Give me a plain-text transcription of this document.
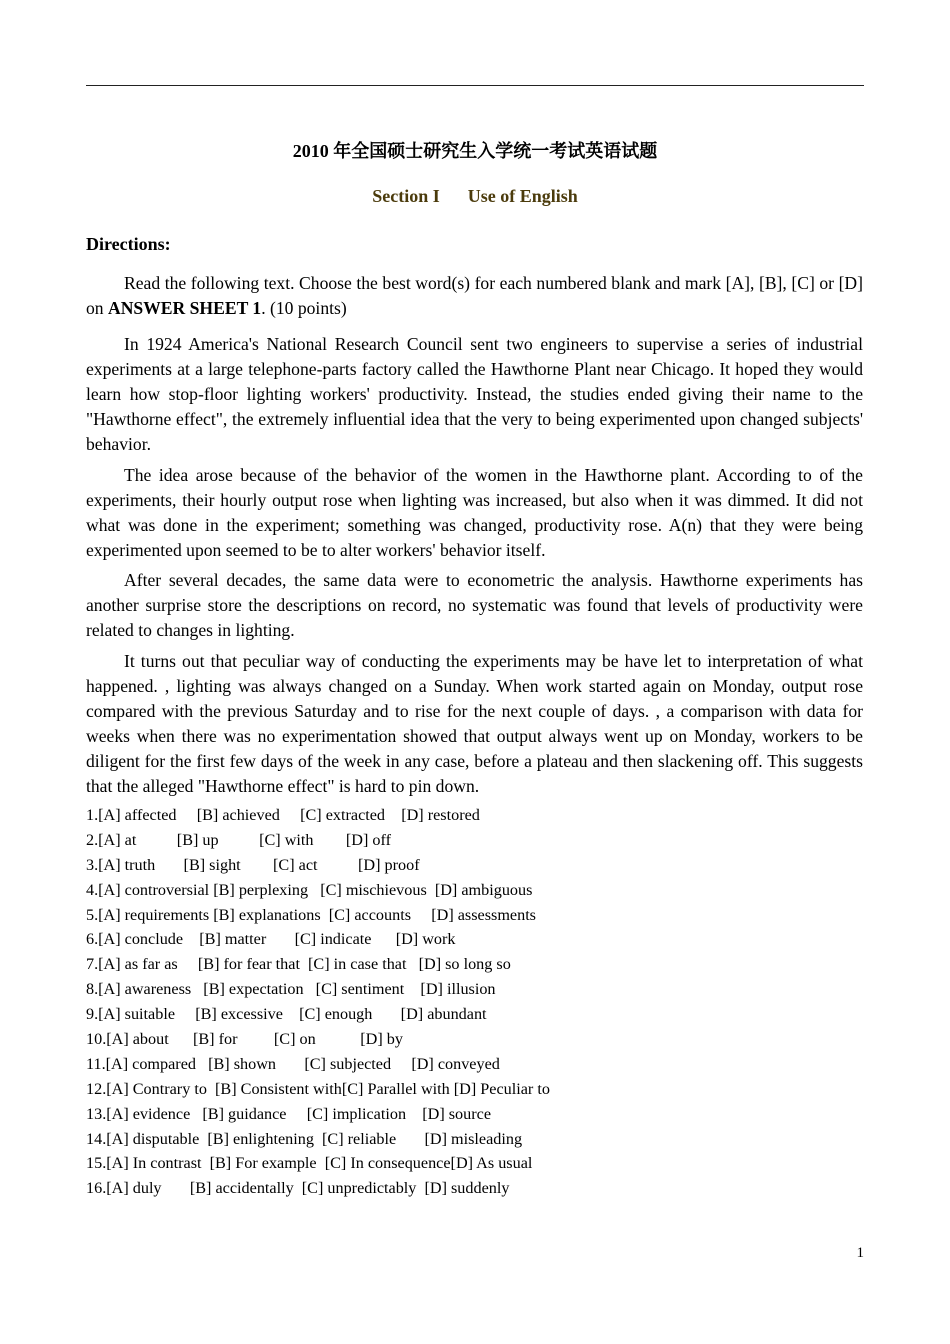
2010 年全国硕士研究生入学统一考试英语试题
Section I Use of English
Directions:
Read the following text. Choose the best word(s) for each numbered blank and mark [A], [B], [C] or [D] on ANSWER SHEET 1. (10 points)
In 1924 America's National Research Council sent two engineers to supervise a series of industrial experiments at a large telephone-parts factory called the Hawthorne Plant near Chicago. It hoped they would learn how stop-floor lighting workers' productivity. Instead, the studies ended giving their name to the "Hawthorne effect", the extremely influential idea that the very to being experimented upon changed subjects' behavior.
The idea arose because of the behavior of the women in the Hawthorne plant. According to of the experiments, their hourly output rose when lighting was increased, but also when it was dimmed. It did not what was done in the experiment; something was changed, productivity rose. A(n) that they were being experimented upon seemed to be to alter workers' behavior itself.
After several decades, the same data were to econometric the analysis. Hawthorne experiments has another surprise store the descriptions on record, no systematic was found that levels of productivity were related to changes in lighting.
It turns out that peculiar way of conducting the experiments may be have let to interpretation of what happened. , lighting was always changed on a Sunday. When work started again on Monday, output rose compared with the previous Saturday and to rise for the next couple of days. , a comparison with data for weeks when there was no experimentation showed that output always went up on Monday, workers to be diligent for the first few days of the week in any case, before a plateau and then slackening off. This suggests that the alleged "Hawthorne effect" is hard to pin down.
1.[A] affected     [B] achieved     [C] extracted    [D] restored
2.[A] at          [B] up          [C] with        [D] off
3.[A] truth       [B] sight        [C] act          [D] proof
4.[A] controversial [B] perplexing   [C] mischievous  [D] ambiguous
5.[A] requirements [B] explanations  [C] accounts     [D] assessments
6.[A] conclude    [B] matter       [C] indicate      [D] work
7.[A] as far as     [B] for fear that  [C] in case that   [D] so long so
8.[A] awareness   [B] expectation   [C] sentiment    [D] illusion
9.[A] suitable     [B] excessive    [C] enough       [D] abundant
10.[A] about      [B] for         [C] on           [D] by
11.[A] compared   [B] shown       [C] subjected     [D] conveyed
12.[A] Contrary to  [B] Consistent with[C] Parallel with [D] Peculiar to
13.[A] evidence   [B] guidance     [C] implication    [D] source
14.[A] disputable  [B] enlightening  [C] reliable       [D] misleading
15.[A] In contrast  [B] For example  [C] In consequence[D] As usual
16.[A] duly       [B] accidentally  [C] unpredictably  [D] suddenly
1
